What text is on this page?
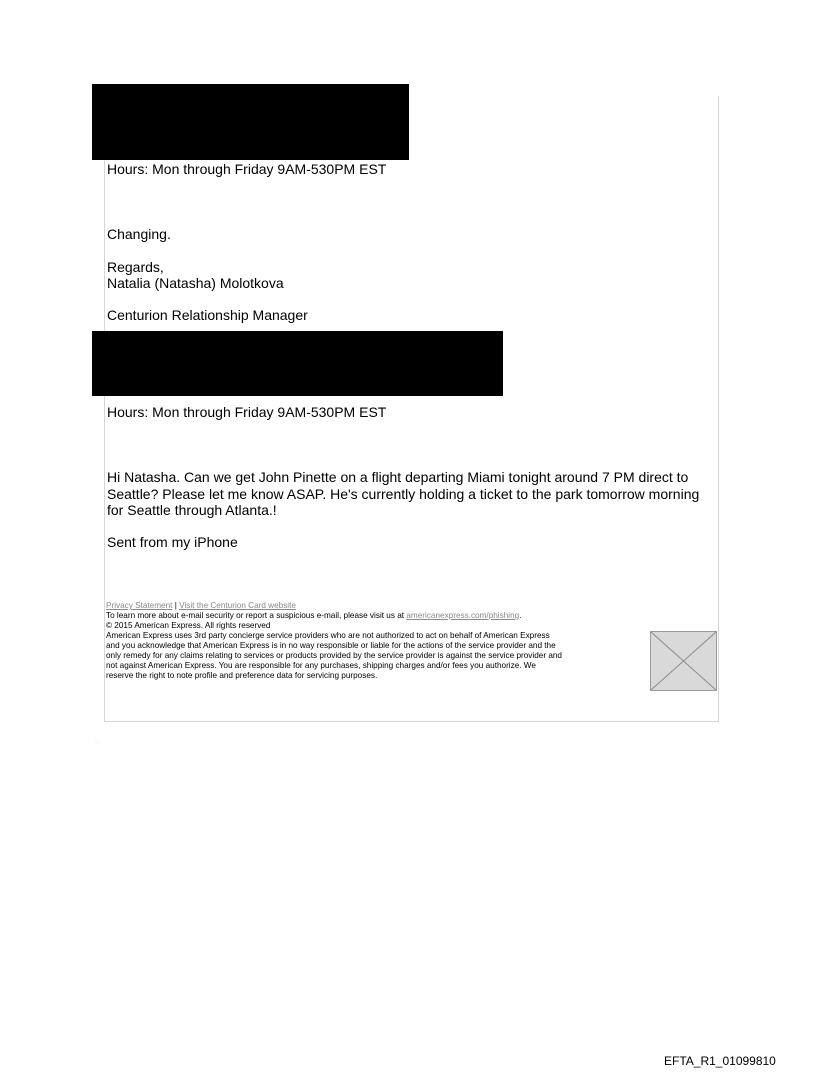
Hours: Mon through Friday 9AM-530PM EST
Changing.
Regards,
Natalia (Natasha) Molotkova
Centurion Relationship Manager
Hours: Mon through Friday 9AM-530PM EST
Hi Natasha. Can we get John Pinette on a flight departing Miami tonight around 7 PM direct to Seattle? Please let me know ASAP. He's currently holding a ticket to the park tomorrow morning for Seattle through Atlanta.!
Sent from my iPhone
Privacy Statement | Visit the Centurion Card website
To learn more about e-mail security or report a suspicious e-mail, please visit us at americanexpress.com/phishing.
© 2015 American Express. All rights reserved
American Express uses 3rd party concierge service providers who are not authorized to act on behalf of American Express
and you acknowledge that American Express is in no way responsible or liable for the actions of the service provider and the
only remedy for any claims relating to services or products provided by the service provider is against the service provider and
not against American Express. You are responsible for any purchases, shipping charges and/or fees you authorize. We
reserve the right to note profile and preference data for servicing purposes.
·
·····
EFTA_R1_01099810
